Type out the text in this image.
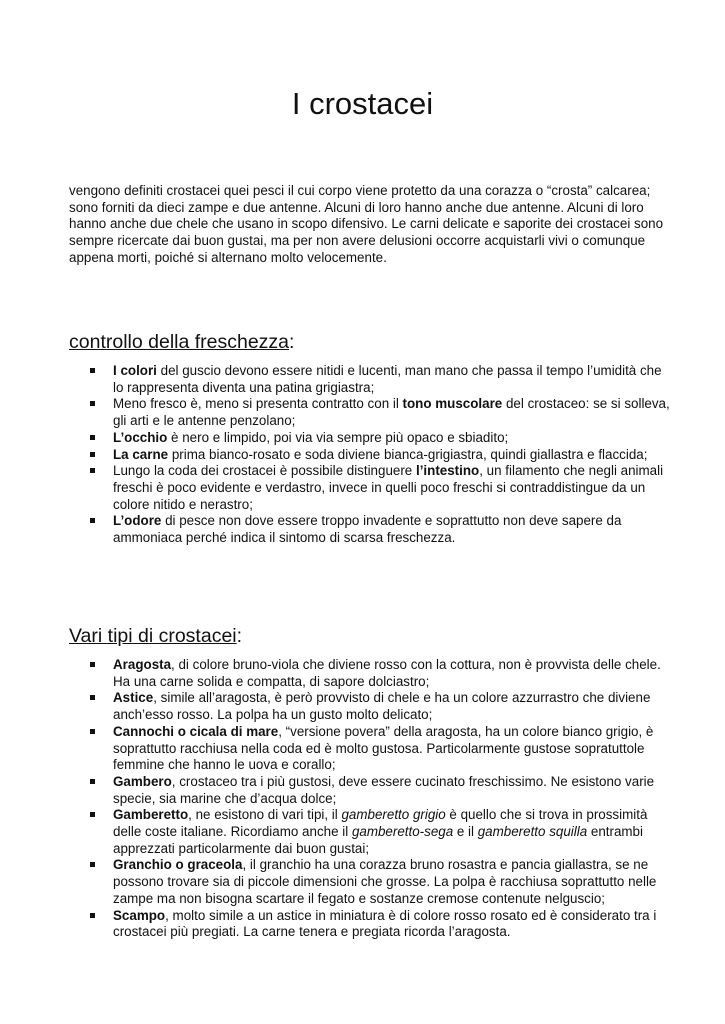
I crostacei

vengono definiti crostacei quei pesci il cui corpo viene protetto da una corazza o “crosta” calcarea; sono forniti da dieci zampe e due antenne. Alcuni di loro hanno anche due antenne. Alcuni di loro hanno anche due chele che usano in scopo difensivo. Le carni delicate e saporite dei crostacei sono sempre ricercate dai buon gustai, ma per non avere delusioni occorre acquistarli vivi o comunque appena morti, poiché si alternano molto velocemente.

controllo della freschezza:
I colori del guscio devono essere nitidi e lucenti, man mano che passa il tempo l’umidità che lo rappresenta diventa una patina grigiastra;
Meno fresco è, meno si presenta contratto con il tono muscolare del crostaceo: se si solleva, gli arti e le antenne penzolano;
L’occhio è nero e limpido, poi via via sempre più opaco e sbiadito;
La carne prima bianco-rosato e soda diviene bianca-grigiastra, quindi giallastra e flaccida;
Lungo la coda dei crostacei è possibile distinguere l’intestino, un filamento che negli animali freschi è poco evidente e verdastro, invece in quelli poco freschi si contraddistingue da un colore nitido e nerastro;
L’odore di pesce non dove essere troppo invadente e soprattutto non deve sapere da ammoniaca perché indica il sintomo di scarsa freschezza.
Vari tipi di crostacei:
Aragosta, di colore bruno-viola che diviene rosso con la cottura, non è provvista delle chele. Ha una carne solida e compatta, di sapore dolciastro;
Astice, simile all’aragosta, è però provvisto di chele e ha un colore azzurrastro che diviene anch’esso rosso. La polpa ha un gusto molto delicato;
Cannochi o cicala di mare, “versione povera” della aragosta, ha un colore bianco grigio, è soprattutto racchiusa nella coda ed è molto gustosa. Particolarmente gustose sopratuttole femmine che hanno le uova e corallo;
Gambero, crostaceo tra i più gustosi, deve essere cucinato freschissimo. Ne esistono varie specie, sia marine che d’acqua dolce;
Gamberetto, ne esistono di vari tipi, il gamberetto grigio è quello che si trova in prossimità delle coste italiane. Ricordiamo anche il gamberetto-sega e il gamberetto squilla entrambi apprezzati particolarmente dai buon gustai;
Granchio o graceola, il granchio ha una corazza bruno rosastra e pancia giallastra, se ne possono trovare sia di piccole dimensioni che grosse. La polpa è racchiusa soprattutto nelle zampe ma non bisogna scartare il fegato e sostanze cremose contenute nelguscio;
Scampo, molto simile a un astice in miniatura è di colore rosso rosato ed è considerato tra i crostacei più pregiati. La carne tenera e pregiata ricorda l’aragosta.
